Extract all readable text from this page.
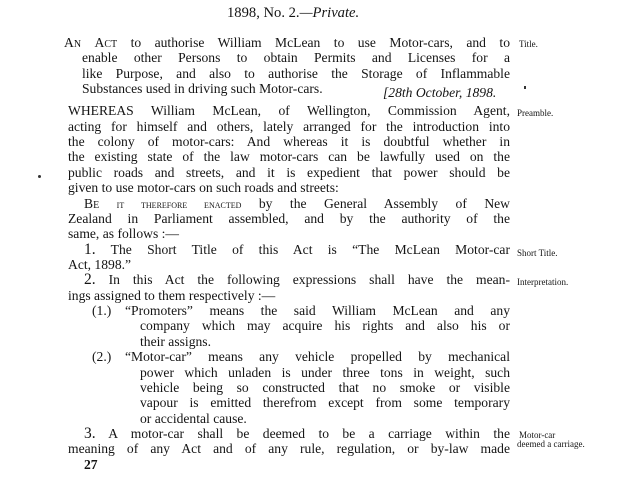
1898, No. 2.—Private.
An Act to authorise William McLean to use Motor-cars, and to
enable other Persons to obtain Permits and Licenses for a
like Purpose, and also to authorise the Storage of Inflammable
Substances used in driving such Motor-cars.	[28th October, 1898.
WHEREAS William McLean, of Wellington, Commission Agent,
acting for himself and others, lately arranged for the introduction into
the colony of motor-cars: And whereas it is doubtful whether in
the existing state of the law motor-cars can be lawfully used on the
public roads and streets, and it is expedient that power should be
given to use motor-cars on such roads and streets:
Be it therefore enacted by the General Assembly of New
Zealand in Parliament assembled, and by the authority of the
same, as follows :—
1. The Short Title of this Act is “The McLean Motor-car
Act, 1898.”
2. In this Act the following expressions shall have the mean-
ings assigned to them respectively :—
(1.) “Promoters” means the said William McLean and any
company which may acquire his rights and also his or
their assigns.
(2.) “Motor-car” means any vehicle propelled by mechanical
power which unladen is under three tons in weight, such
vehicle being so constructed that no smoke or visible
vapour is emitted therefrom except from some temporary
or accidental cause.
3. A motor-car shall be deemed to be a carriage within the
meaning of any Act and of any rule, regulation, or by-law made
27
Title.
Preamble.
Short Title.
Interpretation.
Motor-car
deemed a carriage.
